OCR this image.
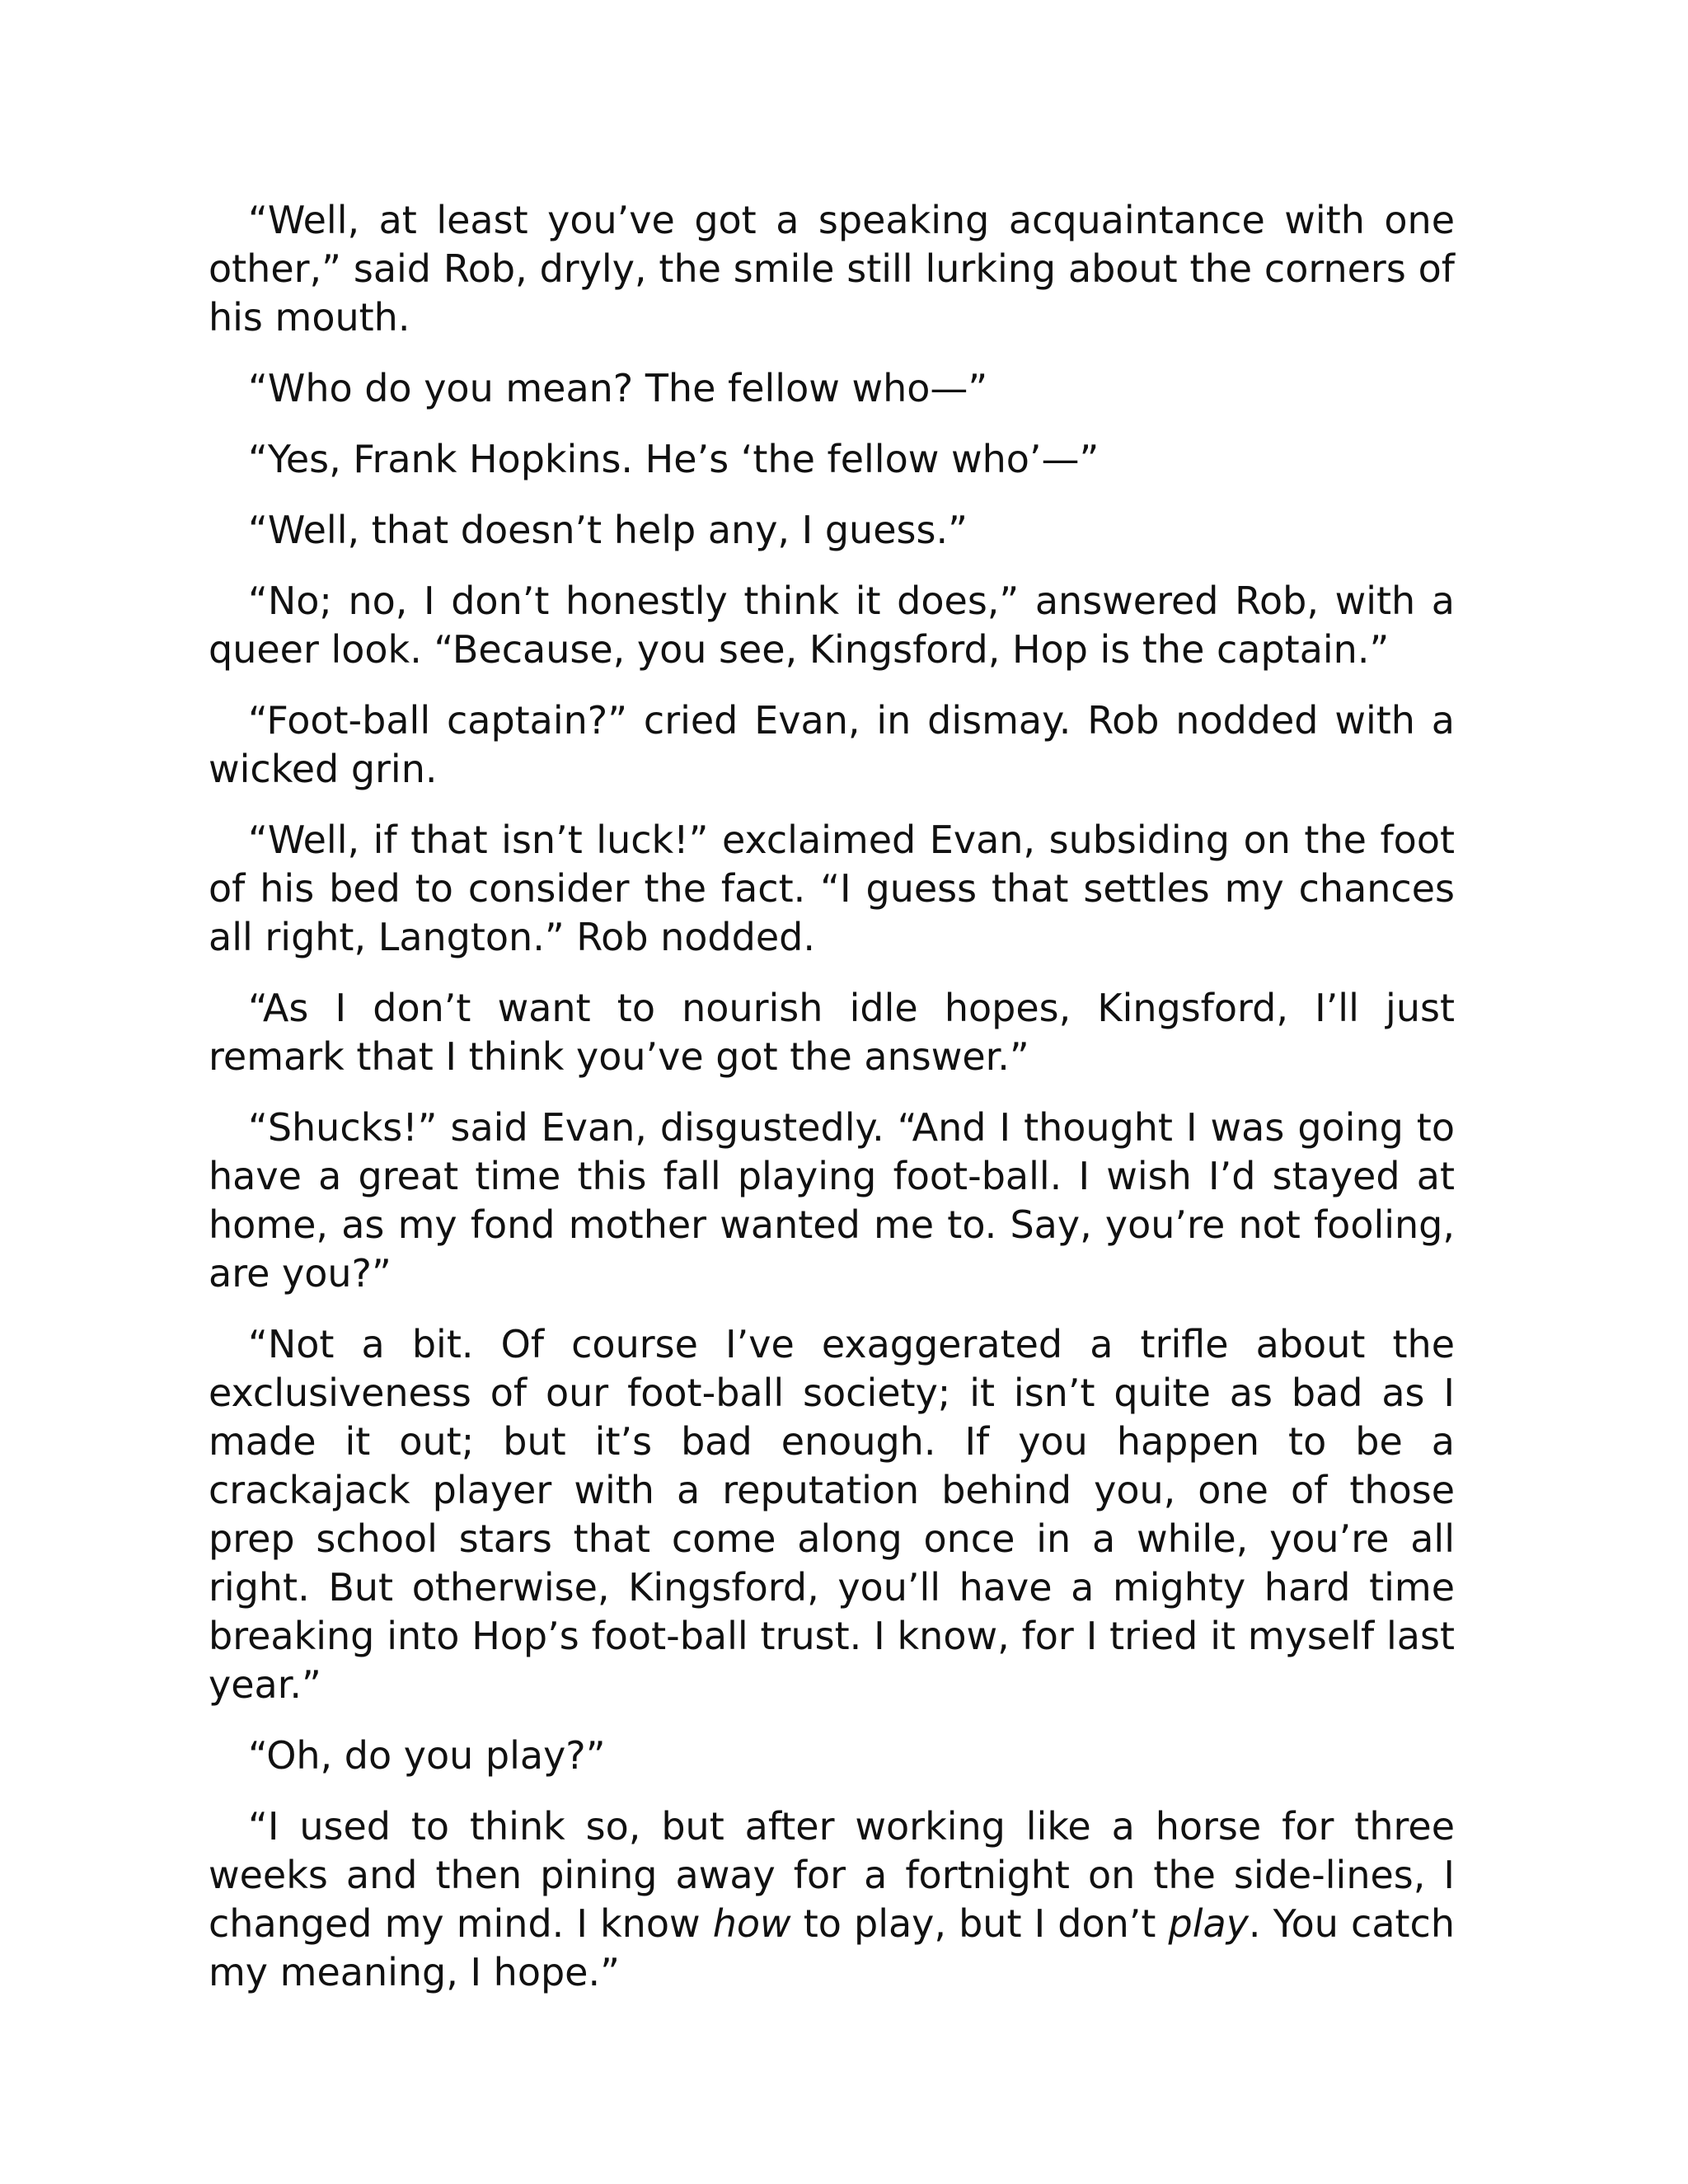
“Well, at least you’ve got a speaking acquaintance with one other,” said Rob, dryly, the smile still lurking about the corners of his mouth.

“Who do you mean? The fellow who—”

“Yes, Frank Hopkins. He’s ‘the fellow who’—”

“Well, that doesn’t help any, I guess.”

“No; no, I don’t honestly think it does,” answered Rob, with a queer look. “Because, you see, Kingsford, Hop is the captain.”

“Foot-ball captain?” cried Evan, in dismay. Rob nodded with a wicked grin.

“Well, if that isn’t luck!” exclaimed Evan, subsiding on the foot of his bed to consider the fact. “I guess that settles my chances all right, Langton.” Rob nodded.

“As I don’t want to nourish idle hopes, Kingsford, I’ll just remark that I think you’ve got the answer.”

“Shucks!” said Evan, disgustedly. “And I thought I was going to have a great time this fall playing foot-ball. I wish I’d stayed at home, as my fond mother wanted me to. Say, you’re not fooling, are you?”

“Not a bit. Of course I’ve exaggerated a trifle about the exclusiveness of our foot-ball society; it isn’t quite as bad as I made it out; but it’s bad enough. If you happen to be a crackajack player with a reputation behind you, one of those prep school stars that come along once in a while, you’re all right. But otherwise, Kingsford, you’ll have a mighty hard time breaking into Hop’s foot-ball trust. I know, for I tried it myself last year.”

“Oh, do you play?”

“I used to think so, but after working like a horse for three weeks and then pining away for a fortnight on the side-lines, I changed my mind. I know how to play, but I don’t play. You catch my meaning, I hope.”
